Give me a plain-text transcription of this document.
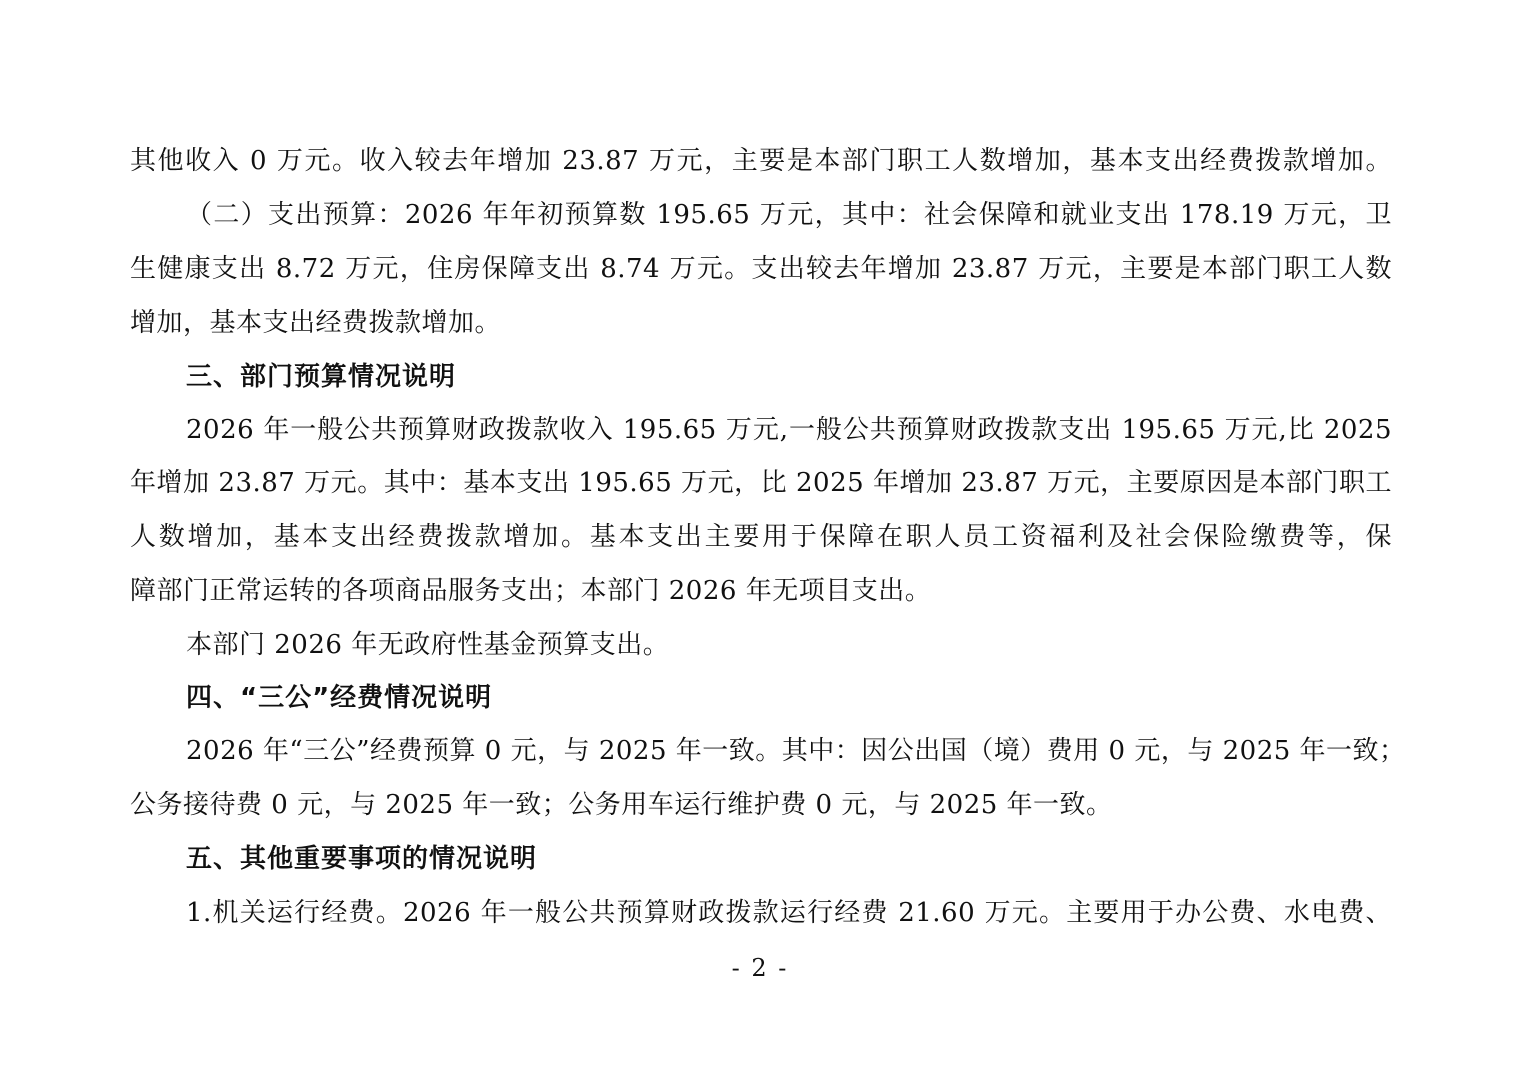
其他收入 0 万元。收入较去年增加 23.87 万元，主要是本部门职工人数增加，基本支出经费拨款增加。
（二）支出预算：2026 年年初预算数 195.65 万元，其中：社会保障和就业支出 178.19 万元，卫
生健康支出 8.72 万元，住房保障支出 8.74 万元。支出较去年增加 23.87 万元，主要是本部门职工人数
增加，基本支出经费拨款增加。
三、部门预算情况说明
2026 年一般公共预算财政拨款收入 195.65 万元,一般公共预算财政拨款支出 195.65 万元,比 2025
年增加 23.87 万元。其中：基本支出 195.65 万元，比 2025 年增加 23.87 万元，主要原因是本部门职工
人数增加，基本支出经费拨款增加。基本支出主要用于保障在职人员工资福利及社会保险缴费等，保
障部门正常运转的各项商品服务支出；本部门 2026 年无项目支出。
本部门 2026 年无政府性基金预算支出。
四、“三公”经费情况说明
2026 年“三公”经费预算 0 元，与 2025 年一致。其中：因公出国（境）费用 0 元，与 2025 年一致；
公务接待费 0 元，与 2025 年一致；公务用车运行维护费 0 元，与 2025 年一致。
五、其他重要事项的情况说明
1.机关运行经费。2026 年一般公共预算财政拨款运行经费 21.60 万元。主要用于办公费、水电费、
- 2 -
